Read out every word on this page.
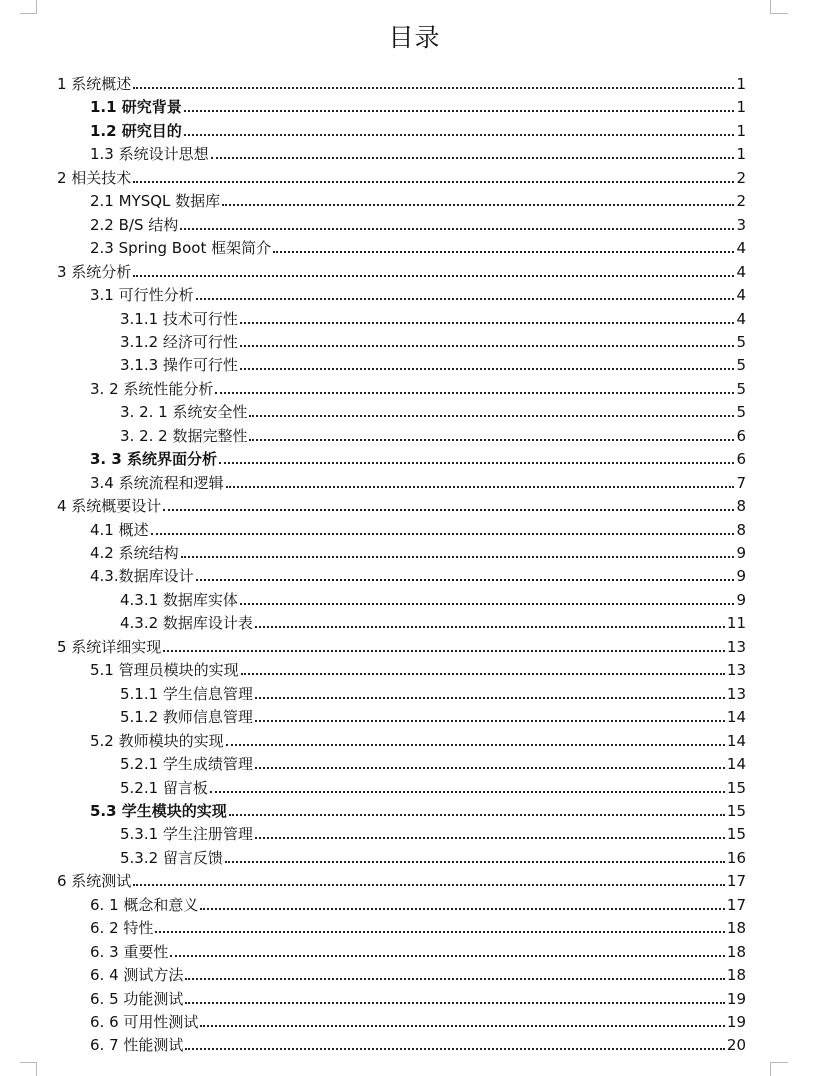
目录
1 系统概述	1
1.1 研究背景	1
1.2 研究目的	1
1.3 系统设计思想	1
2 相关技术	2
2.1 MYSQL 数据库	2
2.2 B/S 结构	3
2.3 Spring Boot 框架简介	4
3 系统分析	4
3.1 可行性分析	4
3.1.1 技术可行性	4
3.1.2 经济可行性	5
3.1.3 操作可行性	5
3. 2 系统性能分析	5
3. 2. 1 系统安全性	5
3. 2. 2 数据完整性	6
3. 3 系统界面分析	6
3.4 系统流程和逻辑	7
4 系统概要设计	8
4.1 概述	8
4.2 系统结构	9
4.3.数据库设计	9
4.3.1 数据库实体	9
4.3.2 数据库设计表	11
5 系统详细实现	13
5.1 管理员模块的实现	13
5.1.1 学生信息管理	13
5.1.2 教师信息管理	14
5.2 教师模块的实现	14
5.2.1 学生成绩管理	14
5.2.1 留言板	15
5.3 学生模块的实现	15
5.3.1 学生注册管理	15
5.3.2 留言反馈	16
6 系统测试	17
6. 1 概念和意义	17
6. 2 特性	18
6. 3 重要性	18
6. 4 测试方法	18
6. 5 功能测试	19
6. 6 可用性测试	19
6. 7 性能测试	20
